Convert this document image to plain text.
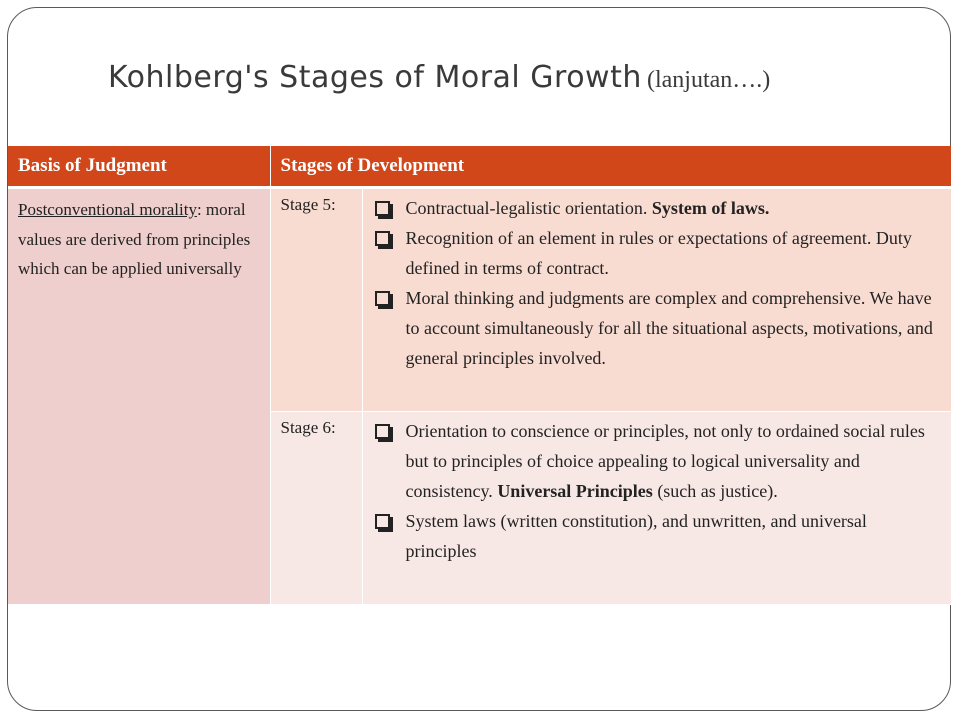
Kohlberg's Stages of Moral Growth (lanjutan….)
Basis of Judgment	Stages of Development	
Postconventional morality: moral values are derived from principles which can be applied universally	Stage 5:	Contractual-legalistic orientation. System of laws.
Recognition of an element in rules or expectations of agreement. Duty defined in terms of contract.
Moral thinking and judgments are complex and comprehensive. We have to account simultaneously for all the situational aspects, motivations, and general principles involved.

	Stage 6:	Orientation to conscience or principles, not only to ordained social rules but to principles of choice appealing to logical universality and consistency. Universal Principles (such as justice).
System laws (written constitution), and unwritten, and universal principles
